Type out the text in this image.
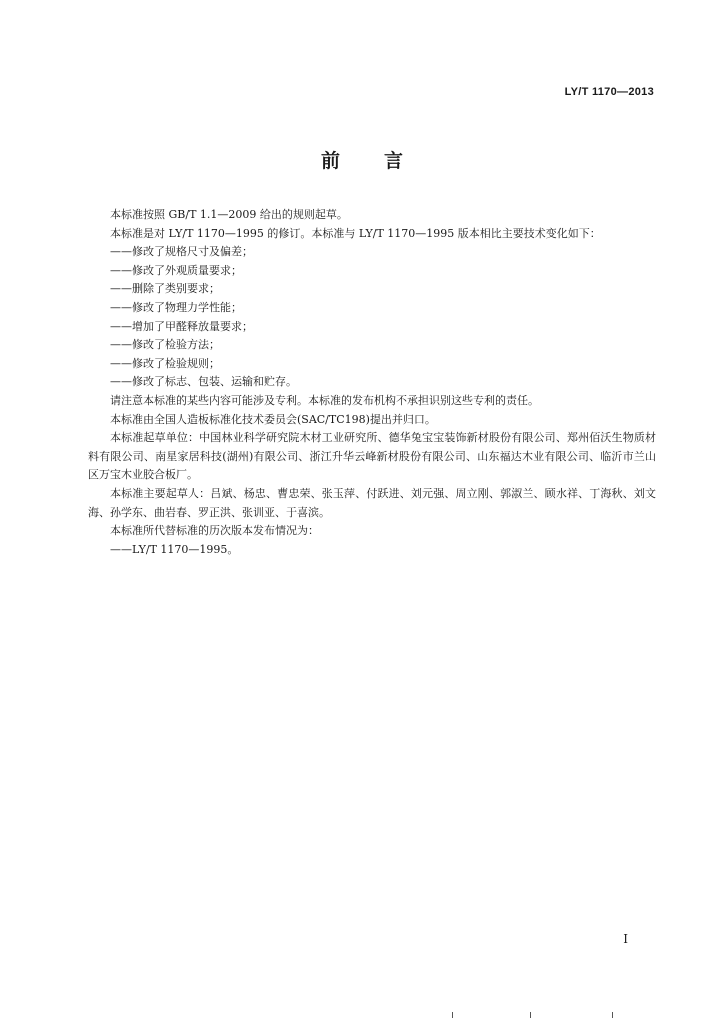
LY/T 1170—2013
前言

本标准按照 GB/T 1.1—2009 给出的规则起草。

本标准是对 LY/T 1170—1995 的修订。本标准与 LY/T 1170—1995 版本相比主要技术变化如下：

——修改了规格尺寸及偏差；

——修改了外观质量要求；

——删除了类别要求；

——修改了物理力学性能；

——增加了甲醛释放量要求；

——修改了检验方法；

——修改了检验规则；

——修改了标志、包装、运输和贮存。

请注意本标准的某些内容可能涉及专利。本标准的发布机构不承担识别这些专利的责任。

本标准由全国人造板标准化技术委员会(SAC/TC198)提出并归口。

本标准起草单位：中国林业科学研究院木材工业研究所、德华兔宝宝装饰新材股份有限公司、郑州佰沃生物质材料有限公司、南星家居科技(湖州)有限公司、浙江升华云峰新材股份有限公司、山东福达木业有限公司、临沂市兰山区万宝木业胶合板厂。

本标准主要起草人：吕斌、杨忠、曹忠荣、张玉萍、付跃进、刘元强、周立刚、郭淑兰、顾水祥、丁海秋、刘文海、孙学东、曲岩春、罗正洪、张训亚、于喜滨。

本标准所代替标准的历次版本发布情况为：

——LY/T 1170—1995。

I
